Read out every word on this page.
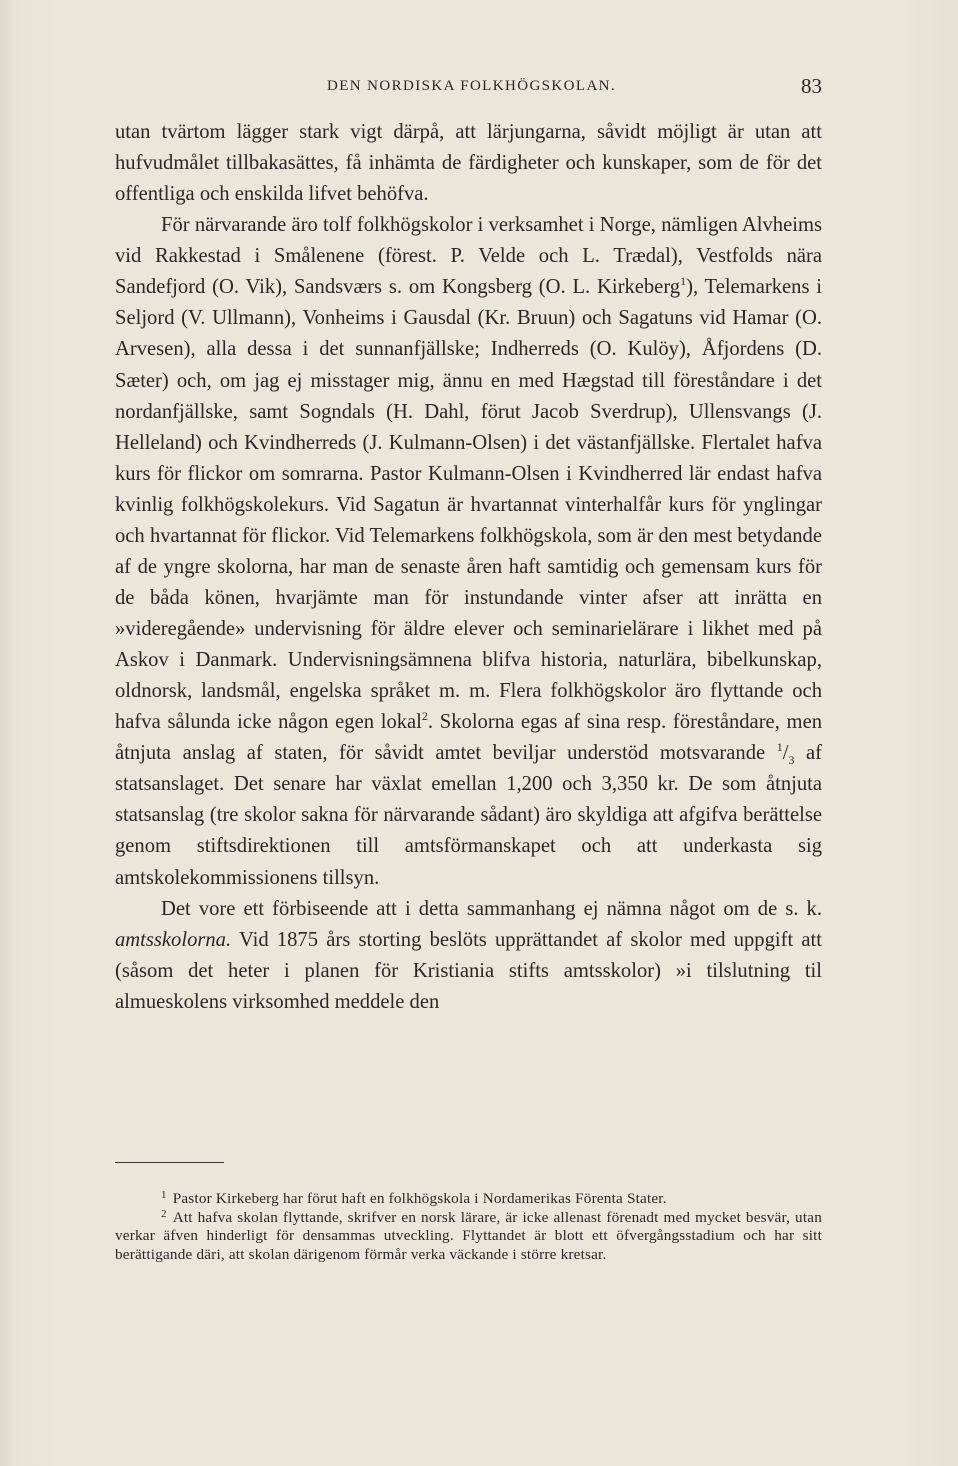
DEN NORDISKA FOLKHÖGSKOLAN.	83

utan tvärtom lägger stark vigt därpå, att lärjungarna, såvidt möjligt är utan att hufvudmålet tillbakasättes, få inhämta de färdigheter och kunskaper, som de för det offentliga och enskilda lifvet behöfva.

För närvarande äro tolf folkhögskolor i verksamhet i Norge, nämligen Alvheims vid Rakkestad i Smålenene (förest. P. Velde och L. Trædal), Vestfolds nära Sandefjord (O. Vik), Sandsværs s. om Kongsberg (O. L. Kirkeberg$^1$), Telemarkens i Seljord (V. Ullmann), Vonheims i Gausdal (Kr. Bruun) och Sagatuns vid Hamar (O. Arvesen), alla dessa i det sunnanfjällske; Indherreds (O. Kulöy), Åfjordens (D. Sæter) och, om jag ej misstager mig, ännu en med Hægstad till föreståndare i det nordanfjällske, samt Sogndals (H. Dahl, förut Jacob Sverdrup), Ullensvangs (J. Helleland) och Kvindherreds (J. Kulmann-Olsen) i det västanfjällske. Flertalet hafva kurs för flickor om somrarna. Pastor Kulmann-Olsen i Kvindherred lär endast hafva kvinlig folkhögskolekurs. Vid Sagatun är hvartannat vinterhalfår kurs för ynglingar och hvartannat för flickor. Vid Telemarkens folkhögskola, som är den mest betydande af de yngre skolorna, har man de senaste åren haft samtidig och gemensam kurs för de båda könen, hvarjämte man för instundande vinter afser att inrätta en »videregående» undervisning för äldre elever och seminarielärare i likhet med på Askov i Danmark. Undervisningsämnena blifva historia, naturlära, bibelkunskap, oldnorsk, landsmål, engelska språket m. m. Flera folkhögskolor äro flyttande och hafva sålunda icke någon egen lokal$^2$. Skolorna egas af sina resp. föreståndare, men åtnjuta anslag af staten, för såvidt amtet beviljar understöd motsvarande $^1/_3$ af statsanslaget. Det senare har växlat emellan 1,200 och 3,350 kr. De som åtnjuta statsanslag (tre skolor sakna för närvarande sådant) äro skyldiga att afgifva berättelse genom stiftsdirektionen till amtsförmanskapet och att underkasta sig amtskolekommissionens tillsyn.

Det vore ett förbiseende att i detta sammanhang ej nämna något om de s. k. amtsskolorna. Vid 1875 års storting beslöts upprättandet af skolor med uppgift att (såsom det heter i planen för Kristiania stifts amtsskolor) »i tilslutning til almueskolens virksomhed meddele den

$^1$ Pastor Kirkeberg har förut haft en folkhögskola i Nordamerikas Förenta Stater.

$^2$ Att hafva skolan flyttande, skrifver en norsk lärare, är icke allenast förenadt med mycket besvär, utan verkar äfven hinderligt för densammas utveckling. Flyttandet är blott ett öfvergångsstadium och har sitt berättigande däri, att skolan därigenom förmår verka väckande i större kretsar.
